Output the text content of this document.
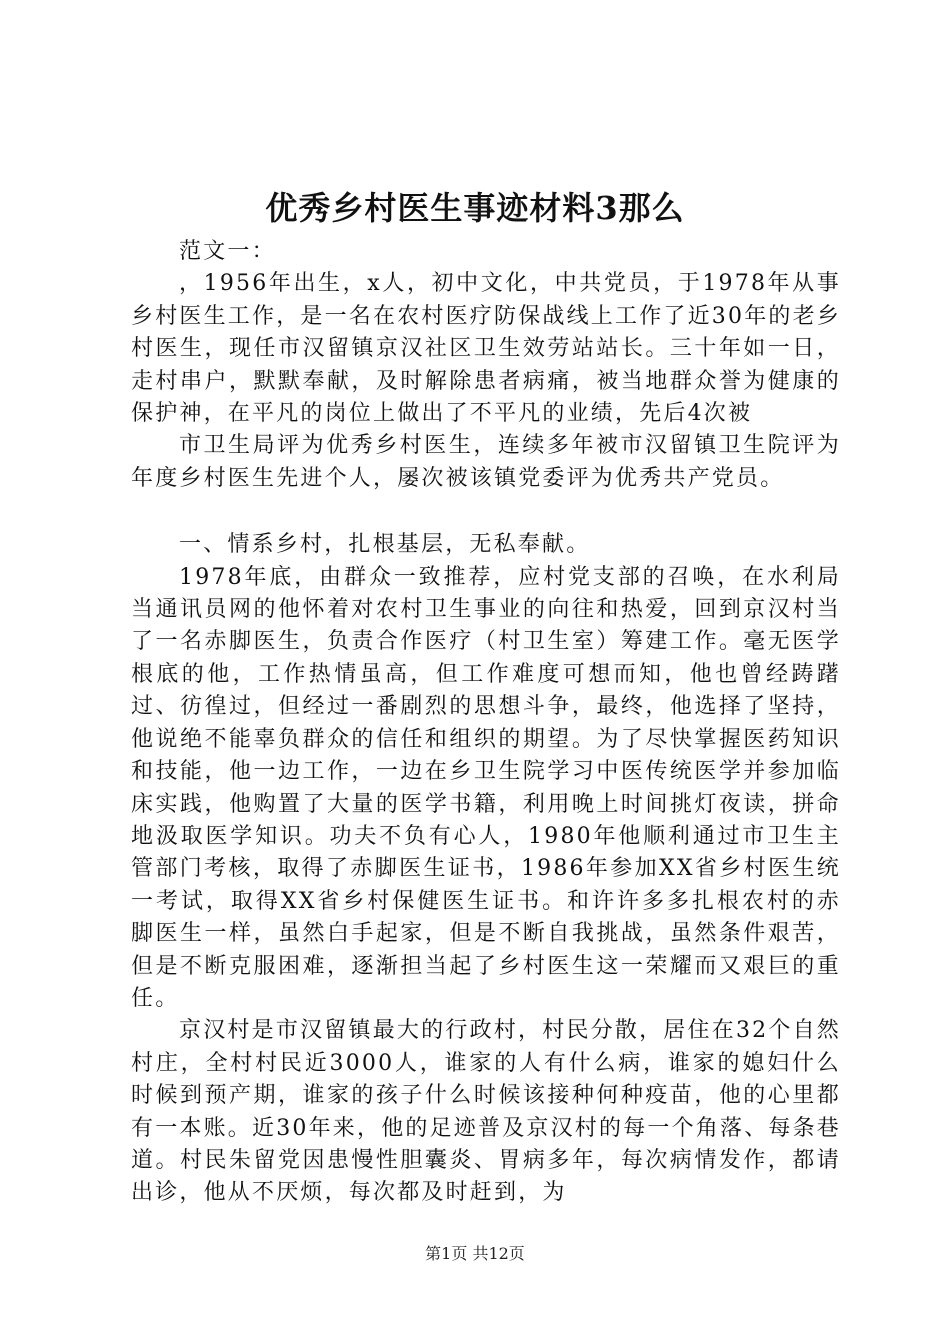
优秀乡村医生事迹材料3那么

范文一：

，1956年出生，x人，初中文化，中共党员，于1978年从事乡村医生工作，是一名在农村医疗防保战线上工作了近30年的老乡村医生，现任市汉留镇京汉社区卫生效劳站站长。三十年如一日，走村串户，默默奉献，及时解除患者病痛，被当地群众誉为健康的保护神，在平凡的岗位上做出了不平凡的业绩，先后4次被

市卫生局评为优秀乡村医生，连续多年被市汉留镇卫生院评为年度乡村医生先进个人，屡次被该镇党委评为优秀共产党员。

一、情系乡村，扎根基层，无私奉献。

1978年底，由群众一致推荐，应村党支部的召唤，在水利局当通讯员网的他怀着对农村卫生事业的向往和热爱，回到京汉村当了一名赤脚医生，负责合作医疗（村卫生室）筹建工作。毫无医学根底的他，工作热情虽高，但工作难度可想而知，他也曾经踌躇过、彷徨过，但经过一番剧烈的思想斗争，最终，他选择了坚持，他说绝不能辜负群众的信任和组织的期望。为了尽快掌握医药知识和技能，他一边工作，一边在乡卫生院学习中医传统医学并参加临床实践，他购置了大量的医学书籍，利用晚上时间挑灯夜读，拼命地汲取医学知识。功夫不负有心人，1980年他顺利通过市卫生主管部门考核，取得了赤脚医生证书，1986年参加XX省乡村医生统一考试，取得XX省乡村保健医生证书。和许许多多扎根农村的赤脚医生一样，虽然白手起家，但是不断自我挑战，虽然条件艰苦，但是不断克服困难，逐渐担当起了乡村医生这一荣耀而又艰巨的重任。

京汉村是市汉留镇最大的行政村，村民分散，居住在32个自然村庄，全村村民近3000人，谁家的人有什么病，谁家的媳妇什么时候到预产期，谁家的孩子什么时候该接种何种疫苗，他的心里都有一本账。近30年来，他的足迹普及京汉村的每一个角落、每条巷道。村民朱留党因患慢性胆囊炎、胃病多年，每次病情发作，都请出诊，他从不厌烦，每次都及时赶到，为

第1页 共12页
